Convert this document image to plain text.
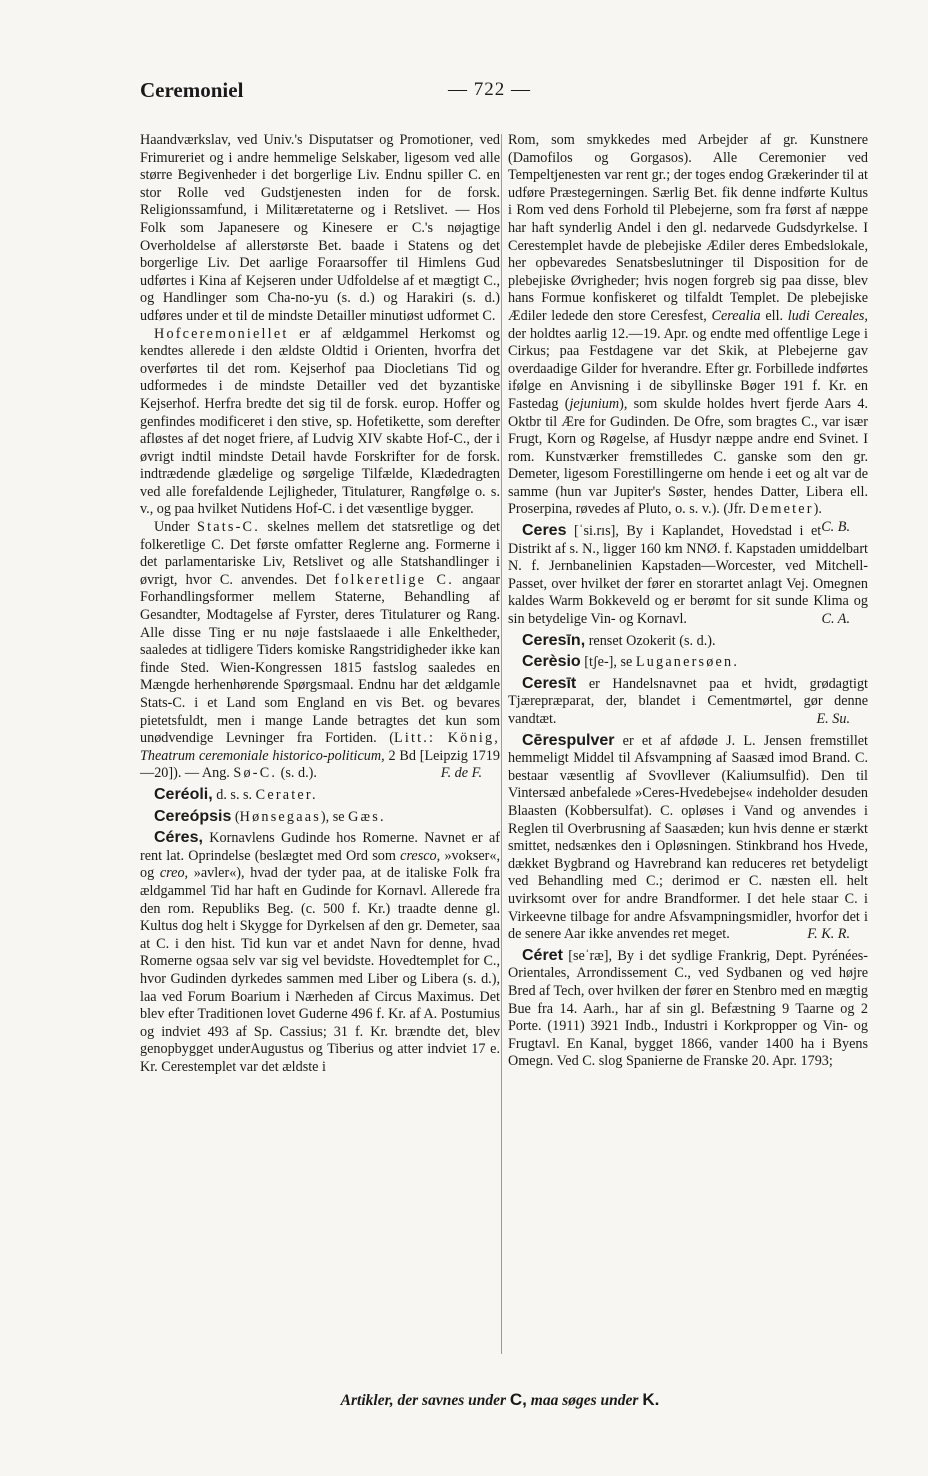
Ceremoniel	— 722 —

Haandværkslav, ved Univ.'s Disputatser og Promotioner, ved Frimureriet og i andre hemmelige Selskaber, ligesom ved alle større Begivenheder i det borgerlige Liv. Endnu spiller C. en stor Rolle ved Gudstjenesten inden for de forsk. Religionssamfund, i Militæretaterne og i Retslivet. — Hos Folk som Japanesere og Kinesere er C.'s nøjagtige Overholdelse af allerstørste Bet. baade i Statens og det borgerlige Liv. Det aarlige Foraarsoffer til Himlens Gud udførtes i Kina af Kejseren under Udfoldelse af et mægtigt C., og Handlinger som Cha-no-yu (s. d.) og Harakiri (s. d.) udføres under et til de mindste Detailler minutiøst udformet C.

Hofceremoniellet er af ældgammel Herkomst og kendtes allerede i den ældste Oldtid i Orienten, hvorfra det overførtes til det rom. Kejserhof paa Diocletians Tid og udformedes i de mindste Detailler ved det byzantiske Kejserhof. Herfra bredte det sig til de forsk. europ. Hoffer og genfindes modificeret i den stive, sp. Hofetikette, som derefter afløstes af det noget friere, af Ludvig XIV skabte Hof-C., der i øvrigt indtil mindste Detail havde Forskrifter for de forsk. indtrædende glædelige og sørgelige Tilfælde, Klædedragten ved alle forefaldende Lejligheder, Titulaturer, Rangfølge o. s. v., og paa hvilket Nutidens Hof-C. i det væsentlige bygger.

Under Stats-C. skelnes mellem det statsretlige og det folkeretlige C. Det første omfatter Reglerne ang. Formerne i det parlamentariske Liv, Retslivet og alle Statshandlinger i øvrigt, hvor C. anvendes. Det folkeretlige C. angaar Forhandlingsformer mellem Staterne, Behandling af Gesandter, Modtagelse af Fyrster, deres Titulaturer og Rang. Alle disse Ting er nu nøje fastslaaede i alle Enkeltheder, saaledes at tidligere Tiders komiske Rangstridigheder ikke kan finde Sted. Wien-Kongressen 1815 fastslog saaledes en Mængde herhenhørende Spørgsmaal. Endnu har det ældgamle Stats-C. i et Land som England en vis Bet. og bevares pietetsfuldt, men i mange Lande betragtes det kun som unødvendige Levninger fra Fortiden. (Litt.: König, Theatrum ceremoniale historico-politicum, 2 Bd [Leipzig 1719—20]). — Ang. Sø-C. (s. d.).	F. de F.

Ceréoli, d. s. s. Cerater.

Cereópsis (Hønsegaas), se Gæs.

Céres, Kornavlens Gudinde hos Romerne. Navnet er af rent lat. Oprindelse (beslægtet med Ord som cresco, »vokser«, og creo, »avler«), hvad der tyder paa, at de italiske Folk fra ældgammel Tid har haft en Gudinde for Kornavl. Allerede fra den rom. Republiks Beg. (c. 500 f. Kr.) traadte denne gl. Kultus dog helt i Skygge for Dyrkelsen af den gr. Demeter, saa at C. i den hist. Tid kun var et andet Navn for denne, hvad Romerne ogsaa selv var sig vel bevidste. Hovedtemplet for C., hvor Gudinden dyrkedes sammen med Liber og Libera (s. d.), laa ved Forum Boarium i Nærheden af Circus Maximus. Det blev efter Traditionen lovet Guderne 496 f. Kr. af A. Postumius og indviet 493 af Sp. Cassius; 31 f. Kr. brændte det, blev genopbygget underAugustus og Tiberius og atter indviet 17 e. Kr. Cerestemplet var det ældste i

Rom, som smykkedes med Arbejder af gr. Kunstnere (Damofilos og Gorgasos). Alle Ceremonier ved Tempeltjenesten var rent gr.; der toges endog Grækerinder til at udføre Præstegerningen. Særlig Bet. fik denne indførte Kultus i Rom ved dens Forhold til Plebejerne, som fra først af næppe har haft synderlig Andel i den gl. nedarvede Gudsdyrkelse. I Cerestemplet havde de plebejiske Ædiler deres Embedslokale, her opbevaredes Senatsbeslutninger til Disposition for de plebejiske Øvrigheder; hvis nogen forgreb sig paa disse, blev hans Formue konfiskeret og tilfaldt Templet. De plebejiske Ædiler ledede den store Ceresfest, Cerealia ell. ludi Cereales, der holdtes aarlig 12.—19. Apr. og endte med offentlige Lege i Cirkus; paa Festdagene var det Skik, at Plebejerne gav overdaadige Gilder for hverandre. Efter gr. Forbillede indførtes ifølge en Anvisning i de sibyllinske Bøger 191 f. Kr. en Fastedag (jejunium), som skulde holdes hvert fjerde Aars 4. Oktbr til Ære for Gudinden. De Ofre, som bragtes C., var især Frugt, Korn og Røgelse, af Husdyr næppe andre end Svinet. I rom. Kunstværker fremstilledes C. ganske som den gr. Demeter, ligesom Forestillingerne om hende i eet og alt var de samme (hun var Jupiter's Søster, hendes Datter, Libera ell. Proserpina, røvedes af Pluto, o. s. v.). (Jfr. Demeter).
C. B.

Ceres [ˈsi.rıs], By i Kaplandet, Hovedstad i et Distrikt af s. N., ligger 160 km NNØ. f. Kapstaden umiddelbart N. f. Jernbanelinien Kapstaden—Worcester, ved Mitchell-Passet, over hvilket der fører en storartet anlagt Vej. Omegnen kaldes Warm Bokkeveld og er berømt for sit sunde Klima og sin betydelige Vin- og Kornavl.	C. A.

Ceresīn, renset Ozokerit (s. d.).

Cerèsio [tʃe-], se Luganersøen.

Ceresīt er Handelsnavnet paa et hvidt, grødagtigt Tjærepræparat, der, blandet i Cementmørtel, gør denne vandtæt.	E. Su.

Cērespulver er et af afdøde J. L. Jensen fremstillet hemmeligt Middel til Afsvampning af Saasæd imod Brand. C. bestaar væsentlig af Svovllever (Kaliumsulfid). Den til Vintersæd anbefalede »Ceres-Hvedebejse« indeholder desuden Blaasten (Kobbersulfat). C. opløses i Vand og anvendes i Reglen til Overbrusning af Saasæden; kun hvis denne er stærkt smittet, nedsænkes den i Opløsningen. Stinkbrand hos Hvede, dækket Bygbrand og Havrebrand kan reduceres ret betydeligt ved Behandling med C.; derimod er C. næsten ell. helt uvirksomt over for andre Brandformer. I det hele staar C. i Virkeevne tilbage for andre Afsvampningsmidler, hvorfor det i de senere Aar ikke anvendes ret meget.	F. K. R.

Céret [seˈræ], By i det sydlige Frankrig, Dept. Pyrénées-Orientales, Arrondissement C., ved Sydbanen og ved højre Bred af Tech, over hvilken der fører en Stenbro med en mægtig Bue fra 14. Aarh., har af sin gl. Befæstning 9 Taarne og 2 Porte. (1911) 3921 Indb., Industri i Korkpropper og Vin- og Frugtavl. En Kanal, bygget 1866, vander 1400 ha i Byens Omegn. Ved C. slog Spanierne de Franske 20. Apr. 1793;

Artikler, der savnes under C, maa søges under K.
